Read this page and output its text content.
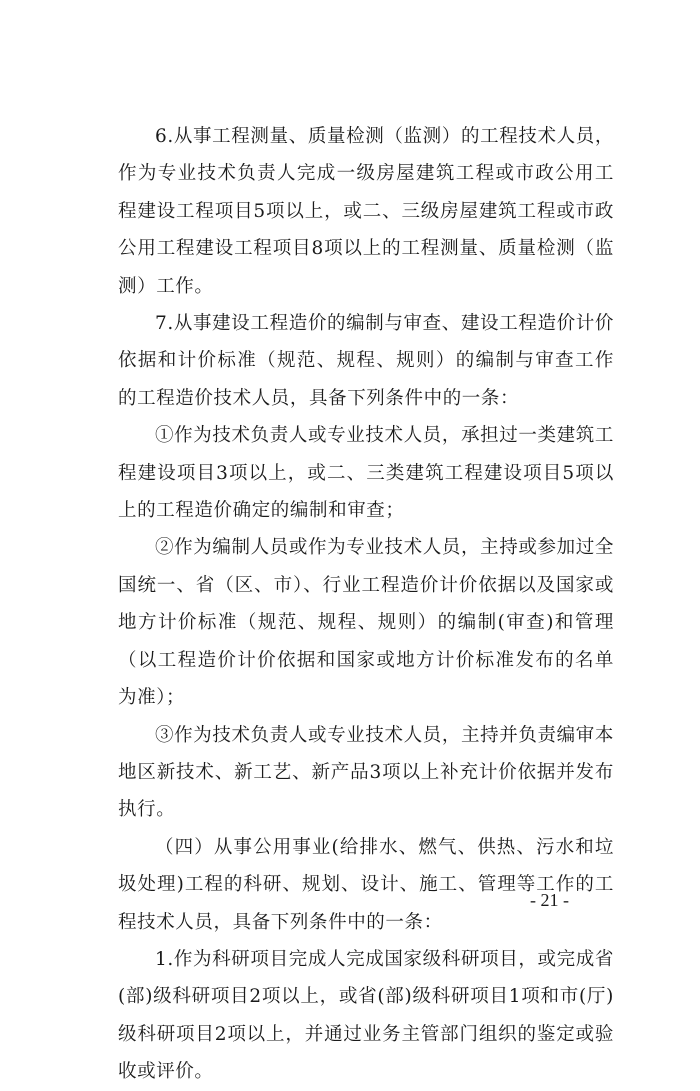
6.从事工程测量、质量检测（监测）的工程技术人员，作为专业技术负责人完成一级房屋建筑工程或市政公用工程建设工程项目5项以上，或二、三级房屋建筑工程或市政公用工程建设工程项目8项以上的工程测量、质量检测（监测）工作。

7.从事建设工程造价的编制与审查、建设工程造价计价依据和计价标准（规范、规程、规则）的编制与审查工作的工程造价技术人员，具备下列条件中的一条：

①作为技术负责人或专业技术人员，承担过一类建筑工程建设项目3项以上，或二、三类建筑工程建设项目5项以上的工程造价确定的编制和审查；

②作为编制人员或作为专业技术人员，主持或参加过全国统一、省（区、市）、行业工程造价计价依据以及国家或地方计价标准（规范、规程、规则）的编制(审查)和管理（以工程造价计价依据和国家或地方计价标准发布的名单为准）；

③作为技术负责人或专业技术人员，主持并负责编审本地区新技术、新工艺、新产品3项以上补充计价依据并发布执行。

（四）从事公用事业(给排水、燃气、供热、污水和垃圾处理)工程的科研、规划、设计、施工、管理等工作的工程技术人员，具备下列条件中的一条：

1.作为科研项目完成人完成国家级科研项目，或完成省(部)级科研项目2项以上，或省(部)级科研项目1项和市(厅)级科研项目2项以上，并通过业务主管部门组织的鉴定或验收或评价。

- 21 -
